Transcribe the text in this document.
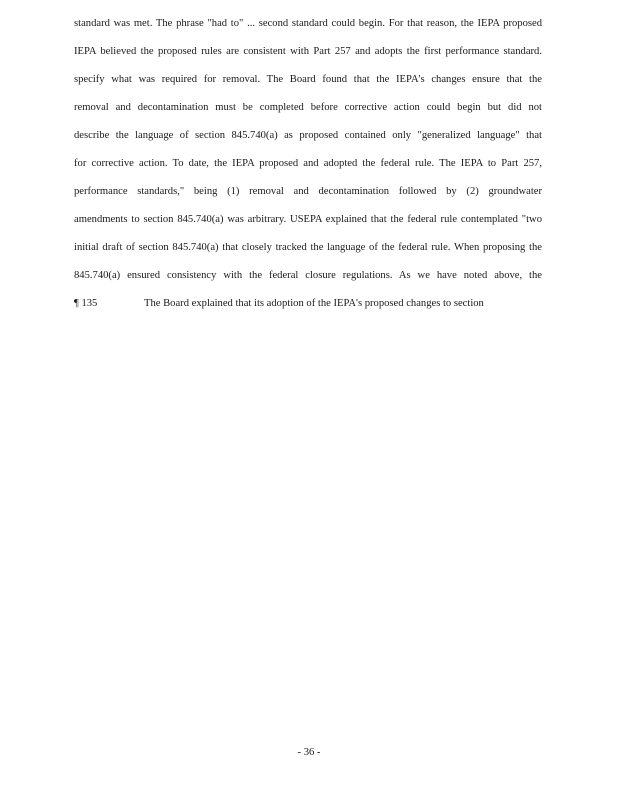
standard was met. The phrase "had to" ... second standard could begin. For that reason, the IEPA proposed
IEPA believed the proposed rules are consistent with Part 257 and adopts the first performance standard.
specify what was required for removal. The Board found that the IEPA's changes ensure that the
removal and decontamination must be completed before corrective action could begin but did not
describe the language of section 845.740(a) as proposed contained only "generalized language" that
for corrective action. To date, the IEPA proposed and adopted the federal rule. The IEPA to Part 257,
performance standards," being (1) removal and decontamination followed by (2) groundwater
amendments to section 845.740(a) was arbitrary. USEPA explained that the federal rule contemplated "two
initial draft of section 845.740(a) that closely tracked the language of the federal rule. When proposing the
845.740(a) ensured consistency with the federal closure regulations. As we have noted above, the
¶ 135	The Board explained that its adoption of the IEPA's proposed changes to section
- 36 -
